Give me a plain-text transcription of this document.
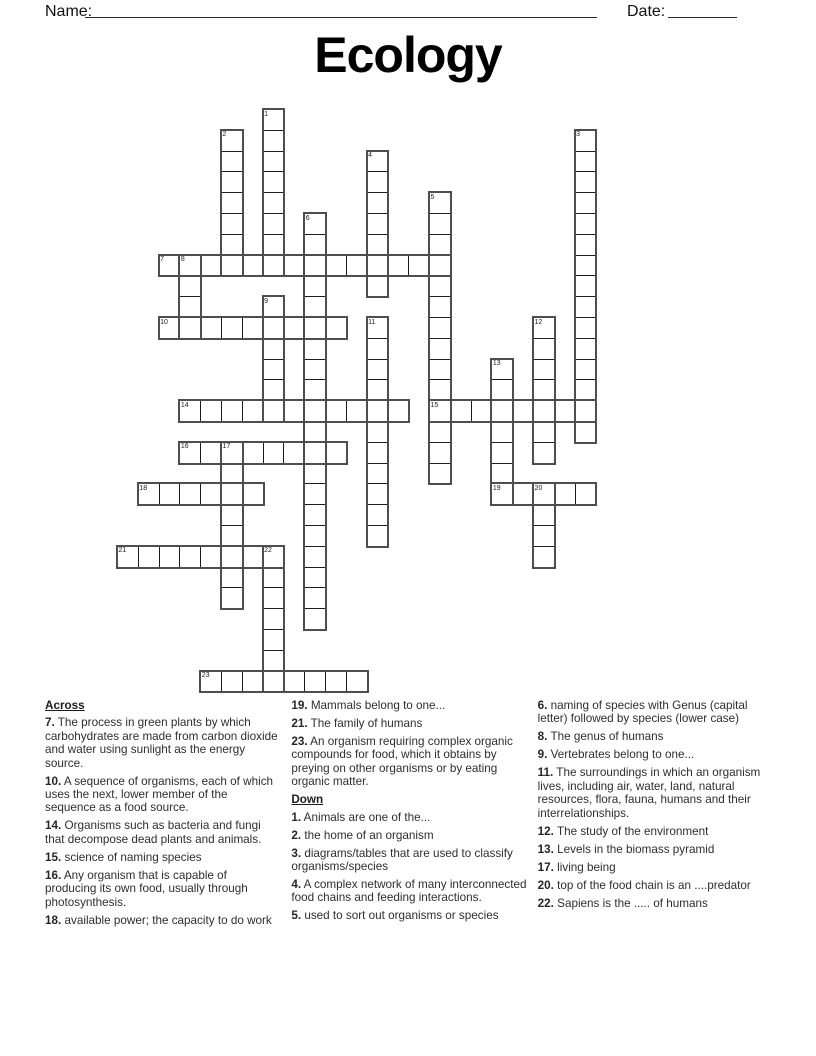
Name:	Date:
Ecology
1
2	3
4
5
6
7 8
9
10	11	12
13
14	15
16	17
18	19	20
21	22
23
Across

7. The process in green plants by which carbohydrates are made from carbon dioxide and water using sunlight as the energy source.

10. A sequence of organisms, each of which uses the next, lower member of the sequence as a food source.

14. Organisms such as bacteria and fungi that decompose dead plants and animals.

15. science of naming species

16. Any organism that is capable of producing its own food, usually through photosynthesis.

18. available power; the capacity to do work

19. Mammals belong to one...

21. The family of humans

23. An organism requiring complex organic compounds for food, which it obtains by preying on other organisms or by eating organic matter.

Down

1. Animals are one of the...

2. the home of an organism

3. diagrams/tables that are used to classify organisms/species

4. A complex network of many interconnected food chains and feeding interactions.

5. used to sort out organisms or species

6. naming of species with Genus (capital letter) followed by species (lower case)

8. The genus of humans

9. Vertebrates belong to one...

11. The surroundings in which an organism lives, including air, water, land, natural resources, flora, fauna, humans and their interrelationships.

12. The study of the environment

13. Levels in the biomass pyramid

17. living being

20. top of the food chain is an ....predator

22. Sapiens is the ..... of humans
